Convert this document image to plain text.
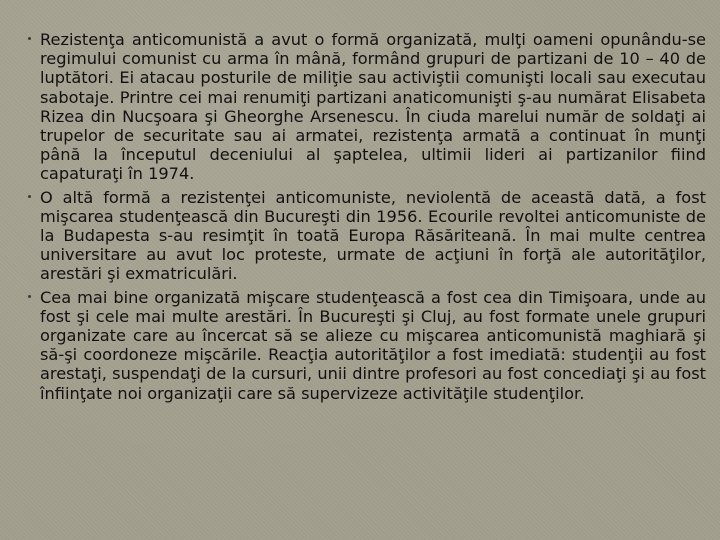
Rezistenţa anticomunistă a avut o formă organizată, mulţi oameni opunându-se regimului comunist cu arma în mână, formând grupuri de partizani de 10 – 40 de luptători. Ei atacau posturile de miliţie sau activiştii comunişti locali sau executau sabotaje. Printre cei mai renumiţi partizani anaticomunişti ş-au numărat Elisabeta Rizea din Nucşoara şi Gheorghe Arsenescu. În ciuda marelui număr de soldaţi ai trupelor de securitate sau ai armatei, rezistenţa armată a continuat în munţi până la începutul deceniului al şaptelea, ultimii lideri ai partizanilor fiind capaturaţi în 1974.
O altă formă a rezistenţei anticomuniste, neviolentă de această dată, a fost mişcarea studenţească din Bucureşti din 1956. Ecourile revoltei anticomuniste de la Budapesta s-au resimţit în toată Europa Răsăriteană. În mai multe centrea universitare au avut loc proteste, urmate de acţiuni în forţă ale autorităţilor, arestări şi exmatriculări.
Cea mai bine organizată mişcare studenţească a fost cea din Timişoara, unde au fost şi cele mai multe arestări. În Bucureşti şi Cluj, au fost formate unele grupuri organizate care au încercat să se alieze cu mişcarea anticomunistă maghiară şi să-şi coordoneze mişcările. Reacţia autorităţilor a fost imediată: studenţii au fost arestaţi, suspendaţi de la cursuri, unii dintre profesori au fost concediaţi şi au fost înfiinţate noi organizaţii care să supervizeze activităţile studenţilor.
